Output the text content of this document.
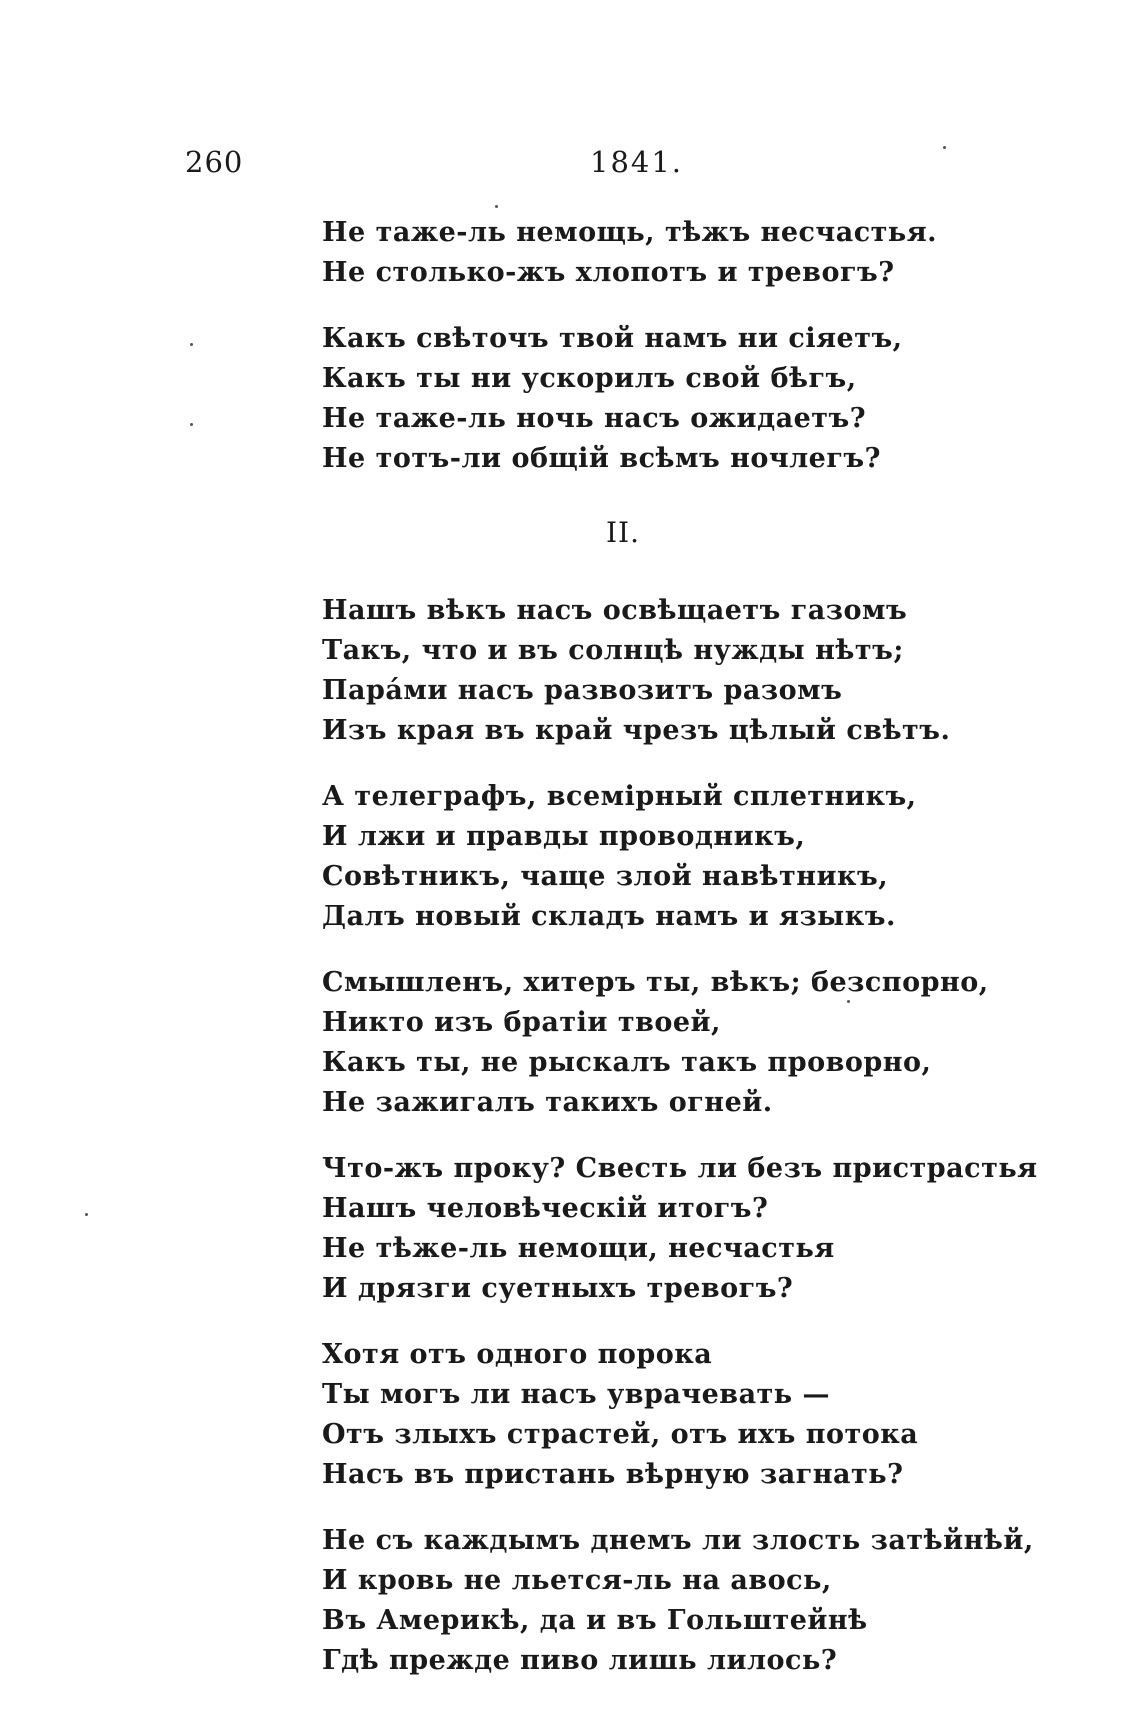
260	1841.
Не таже-ль немощь, тѣжъ несчастья.
Не столько-жъ хлопотъ и тревогъ?
Какъ свѣточъ твой намъ ни сіяетъ,
Какъ ты ни ускорилъ свой бѣгъ,
Не таже-ль ночь насъ ожидаетъ?
Не тотъ-ли общій всѣмъ ночлегъ?
II.
Нашъ вѣкъ насъ освѣщаетъ газомъ
Такъ, что и въ солнцѣ нужды нѣтъ;
Пара́ми насъ развозитъ разомъ
Изъ края въ край чрезъ цѣлый свѣтъ.
А телеграфъ, всемірный сплетникъ,
И лжи и правды проводникъ,
Совѣтникъ, чаще злой навѣтникъ,
Далъ новый складъ намъ и языкъ.
Смышленъ, хитеръ ты, вѣкъ; безспорно,
Никто изъ братіи твоей,
Какъ ты, не рыскалъ такъ проворно,
Не зажигалъ такихъ огней.
Что-жъ проку? Свесть ли безъ пристрастья
Нашъ человѣческій итогъ?
Не тѣже-ль немощи, несчастья
И дрязги суетныхъ тревогъ?
Хотя отъ одного порока
Ты могъ ли насъ уврачевать —
Отъ злыхъ страстей, отъ ихъ потока
Насъ въ пристань вѣрную загнать?
Не съ каждымъ днемъ ли злость затѣйнѣй,
И кровь не льется-ль на авось,
Въ Америкѣ, да и въ Гольштейнѣ
Гдѣ прежде пиво лишь лилось?
